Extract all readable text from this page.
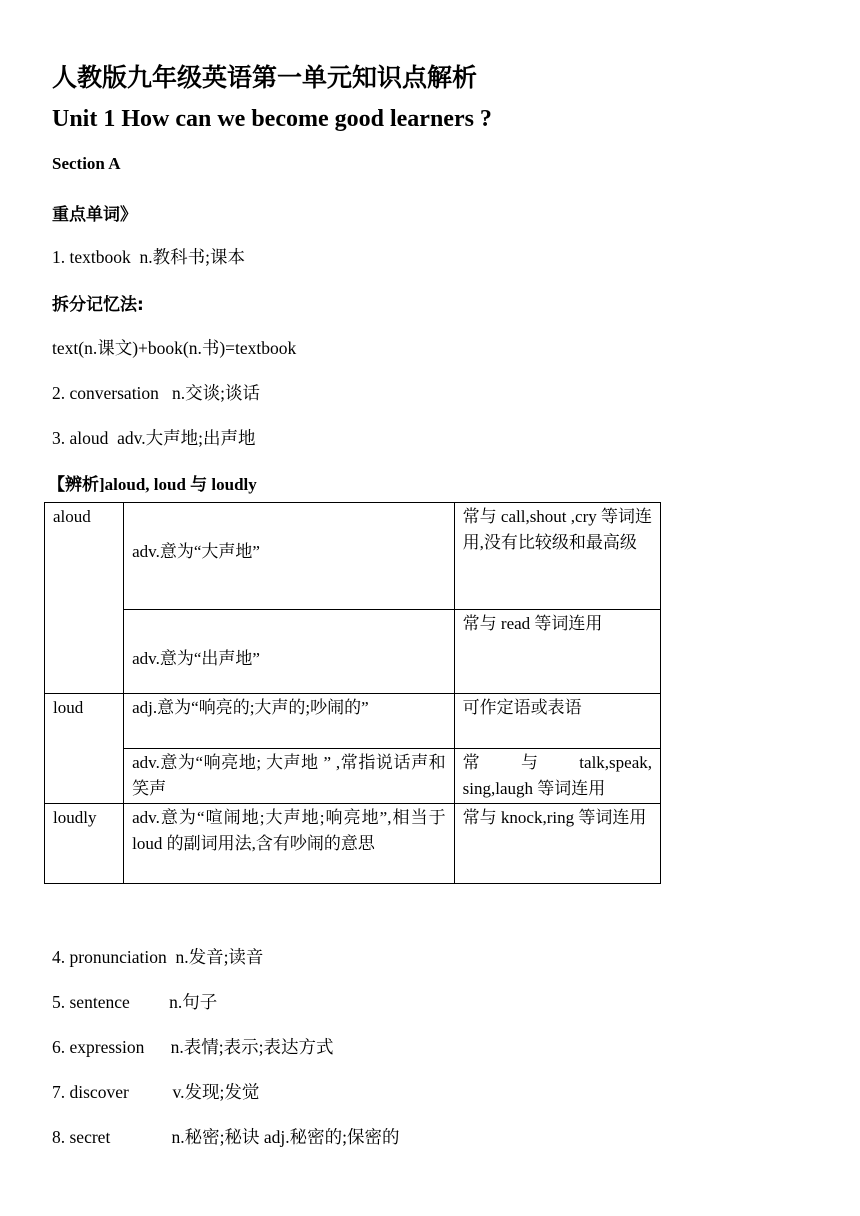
人教版九年级英语第一单元知识点解析
Unit 1 How can we become good learners ?
Section A
重点单词》
1. textbook  n.教科书;课本
拆分记忆法:
text(n.课文)+book(n.书)=textbook
2. conversation   n.交谈;谈话
3. aloud  adv.大声地;出声地
【辨析]aloud, loud 与 loudly
aloud	adv.意为“大声地”	常与 call,shout ,cry 等词连用,没有比较级和最高级
	adv.意为“出声地”	常与 read 等词连用
loud	adj.意为“响亮的;大声的;吵闹的”	可作定语或表语
	adv.意为“响亮地; 大声地 ” ,常指说话声和笑声	常 与 talk,speak, sing,laugh 等词连用
loudly	adv.意为“喧闹地;大声地;响亮地”,相当于 loud 的副词用法,含有吵闹的意思	常与 knock,ring 等词连用
4. pronunciation  n.发音;读音
5. sentence         n.句子
6. expression      n.表情;表示;表达方式
7. discover          v.发现;发觉
8. secret              n.秘密;秘诀 adj.秘密的;保密的
